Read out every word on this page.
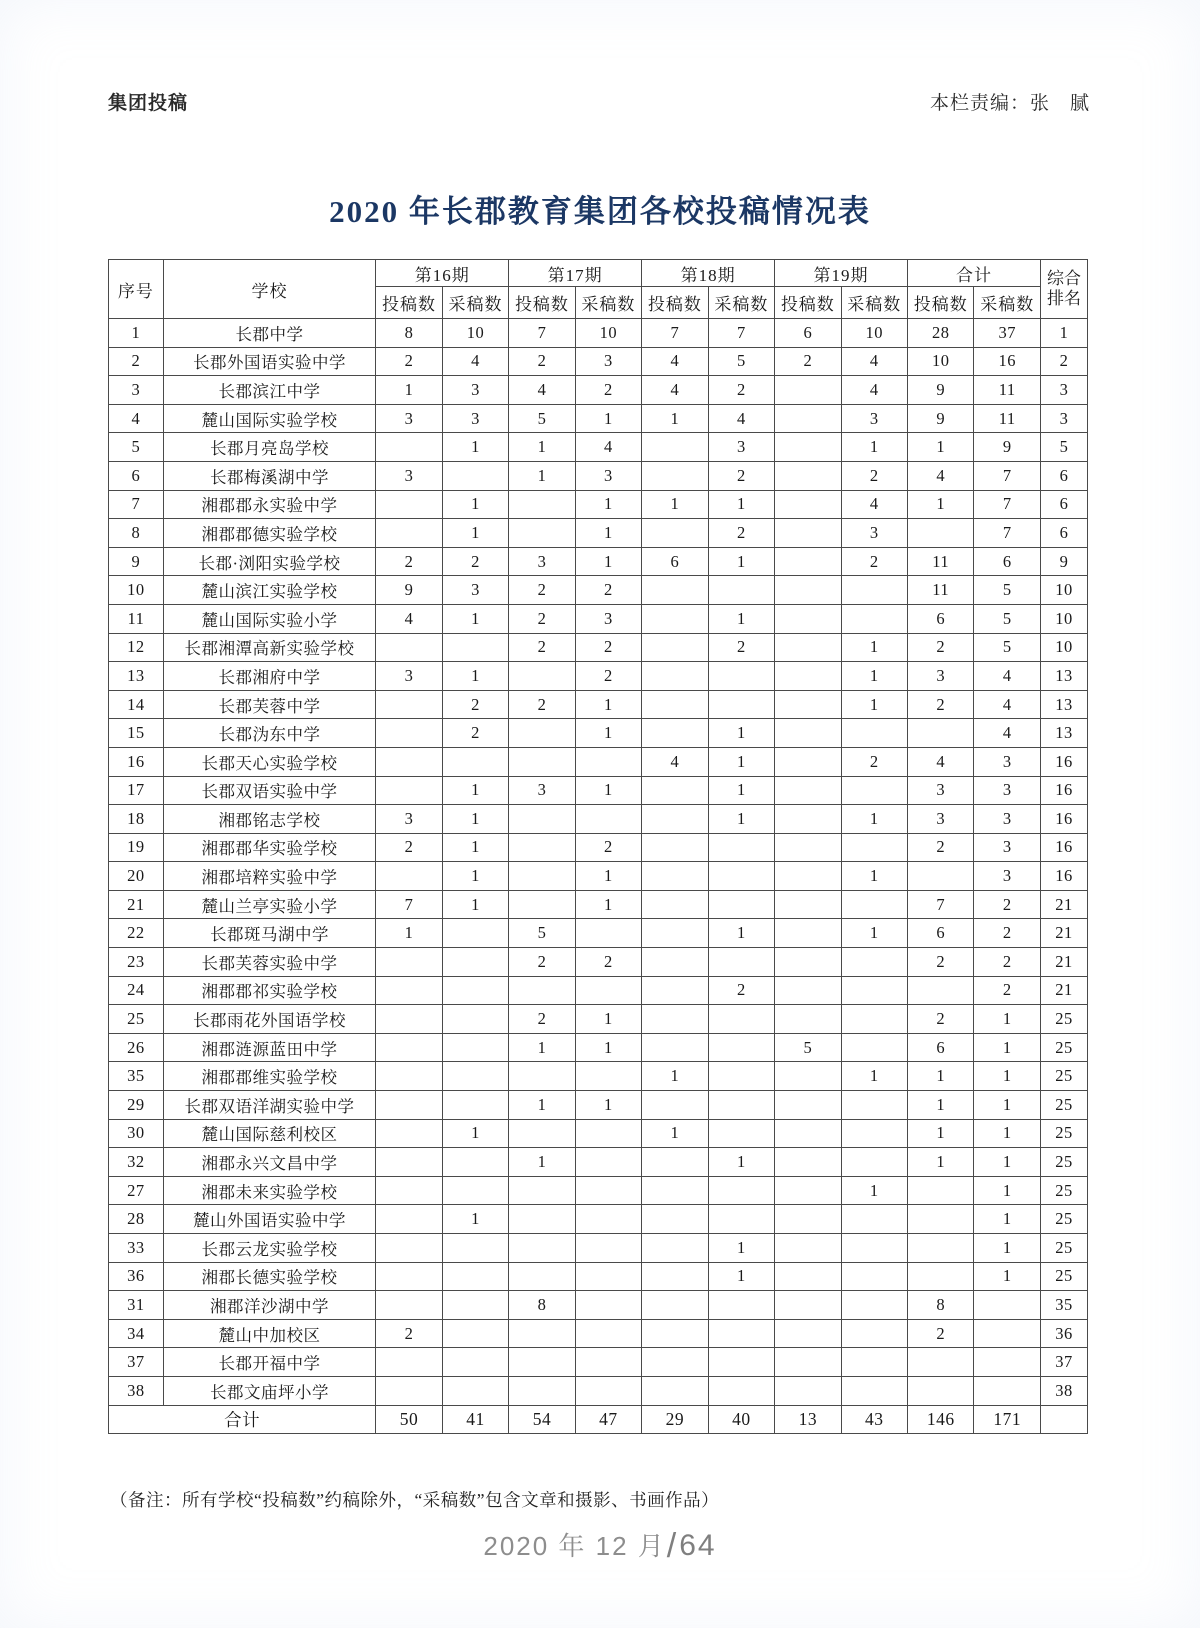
集团投稿	本栏责编：张　腻
2020 年长郡教育集团各校投稿情况表
序号	学校	第16期		第17期		第18期		第19期		合计		综合排名
		投稿数	采稿数	投稿数	采稿数	投稿数	采稿数	投稿数	采稿数	投稿数	采稿数	
1	长郡中学	8	10	7	10	7	7	6	10	28	37	1
2	长郡外国语实验中学	2	4	2	3	4	5	2	4	10	16	2
3	长郡滨江中学	1	3	4	2	4	2		4	9	11	3
4	麓山国际实验学校	3	3	5	1	1	4		3	9	11	3
5	长郡月亮岛学校		1	1	4		3		1	1	9	5
6	长郡梅溪湖中学	3		1	3		2		2	4	7	6
7	湘郡郡永实验中学		1		1	1	1		4	1	7	6
8	湘郡郡德实验学校		1		1		2		3		7	6
9	长郡·浏阳实验学校	2	2	3	1	6	1		2	11	6	9
10	麓山滨江实验学校	9	3	2	2					11	5	10
11	麓山国际实验小学	4	1	2	3		1			6	5	10
12	长郡湘潭高新实验学校			2	2		2		1	2	5	10
13	长郡湘府中学	3	1		2				1	3	4	13
14	长郡芙蓉中学		2	2	1				1	2	4	13
15	长郡沩东中学		2		1		1				4	13
16	长郡天心实验学校					4	1		2	4	3	16
17	长郡双语实验中学		1	3	1		1			3	3	16
18	湘郡铭志学校	3	1				1		1	3	3	16
19	湘郡郡华实验学校	2	1		2					2	3	16
20	湘郡培粹实验中学		1		1				1		3	16
21	麓山兰亭实验小学	7	1		1					7	2	21
22	长郡斑马湖中学	1		5			1		1	6	2	21
23	长郡芙蓉实验中学			2	2					2	2	21
24	湘郡郡祁实验学校						2				2	21
25	长郡雨花外国语学校			2	1					2	1	25
26	湘郡涟源蓝田中学			1	1			5		6	1	25
35	湘郡郡维实验学校					1			1	1	1	25
29	长郡双语洋湖实验中学			1	1					1	1	25
30	麓山国际慈利校区		1			1				1	1	25
32	湘郡永兴文昌中学			1			1			1	1	25
27	湘郡未来实验学校								1		1	25
28	麓山外国语实验中学		1								1	25
33	长郡云龙实验学校						1				1	25
36	湘郡长德实验学校						1				1	25
31	湘郡洋沙湖中学			8						8		35
34	麓山中加校区	2								2		36
37	长郡开福中学											37
38	长郡文庙坪小学											38
合计		50	41	54	47	29	40	13	43	146	171	

（备注：所有学校“投稿数”约稿除外，“采稿数”包含文章和摄影、书画作品）

2020 年 12 月/64
